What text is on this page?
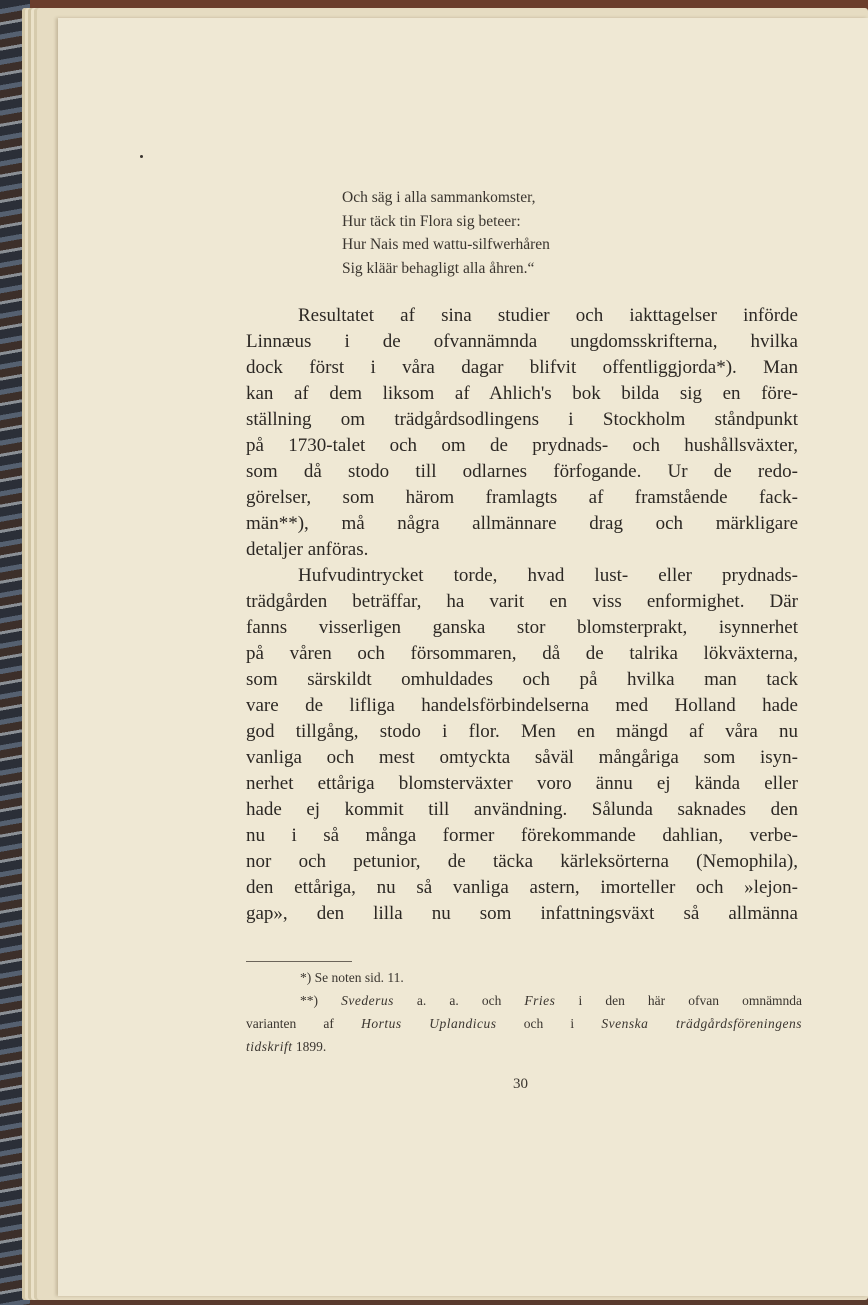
Och säg i alla sammankomster,
Hur täck tin Flora sig beteer:
Hur Nais med wattu-silfwerhåren
Sig kläär behagligt alla åhren.“
Resultatet af sina studier och iakttagelser införde
Linnæus i de ofvannämnda ungdomsskrifterna, hvilka
dock först i våra dagar blifvit offentliggjorda*). Man
kan af dem liksom af Ahlich's bok bilda sig en före-
ställning om trädgårdsodlingens i Stockholm ståndpunkt
på 1730-talet och om de prydnads- och hushållsväxter,
som då stodo till odlarnes förfogande. Ur de redo-
görelser, som härom framlagts af framstående fack-
män**), må några allmännare drag och märkligare
detaljer anföras.
Hufvudintrycket torde, hvad lust- eller prydnads-
trädgården beträffar, ha varit en viss enformighet. Där
fanns visserligen ganska stor blomsterprakt, isynnerhet
på våren och försommaren, då de talrika lökväxterna,
som särskildt omhuldades och på hvilka man tack
vare de lifliga handelsförbindelserna med Holland hade
god tillgång, stodo i flor. Men en mängd af våra nu
vanliga och mest omtyckta såväl mångåriga som isyn-
nerhet ettåriga blomsterväxter voro ännu ej kända eller
hade ej kommit till användning. Sålunda saknades den
nu i så många former förekommande dahlian, verbe-
nor och petunior, de täcka kärleksörterna (Nemophila),
den ettåriga, nu så vanliga astern, imorteller och »lejon-
gap», den lilla nu som infattningsväxt så allmänna
*) Se noten sid. 11.
**) Svederus a. a. och Fries i den här ofvan omnämnda
varianten af Hortus Uplandicus och i Svenska trädgårdsföreningens
tidskrift 1899.
30
